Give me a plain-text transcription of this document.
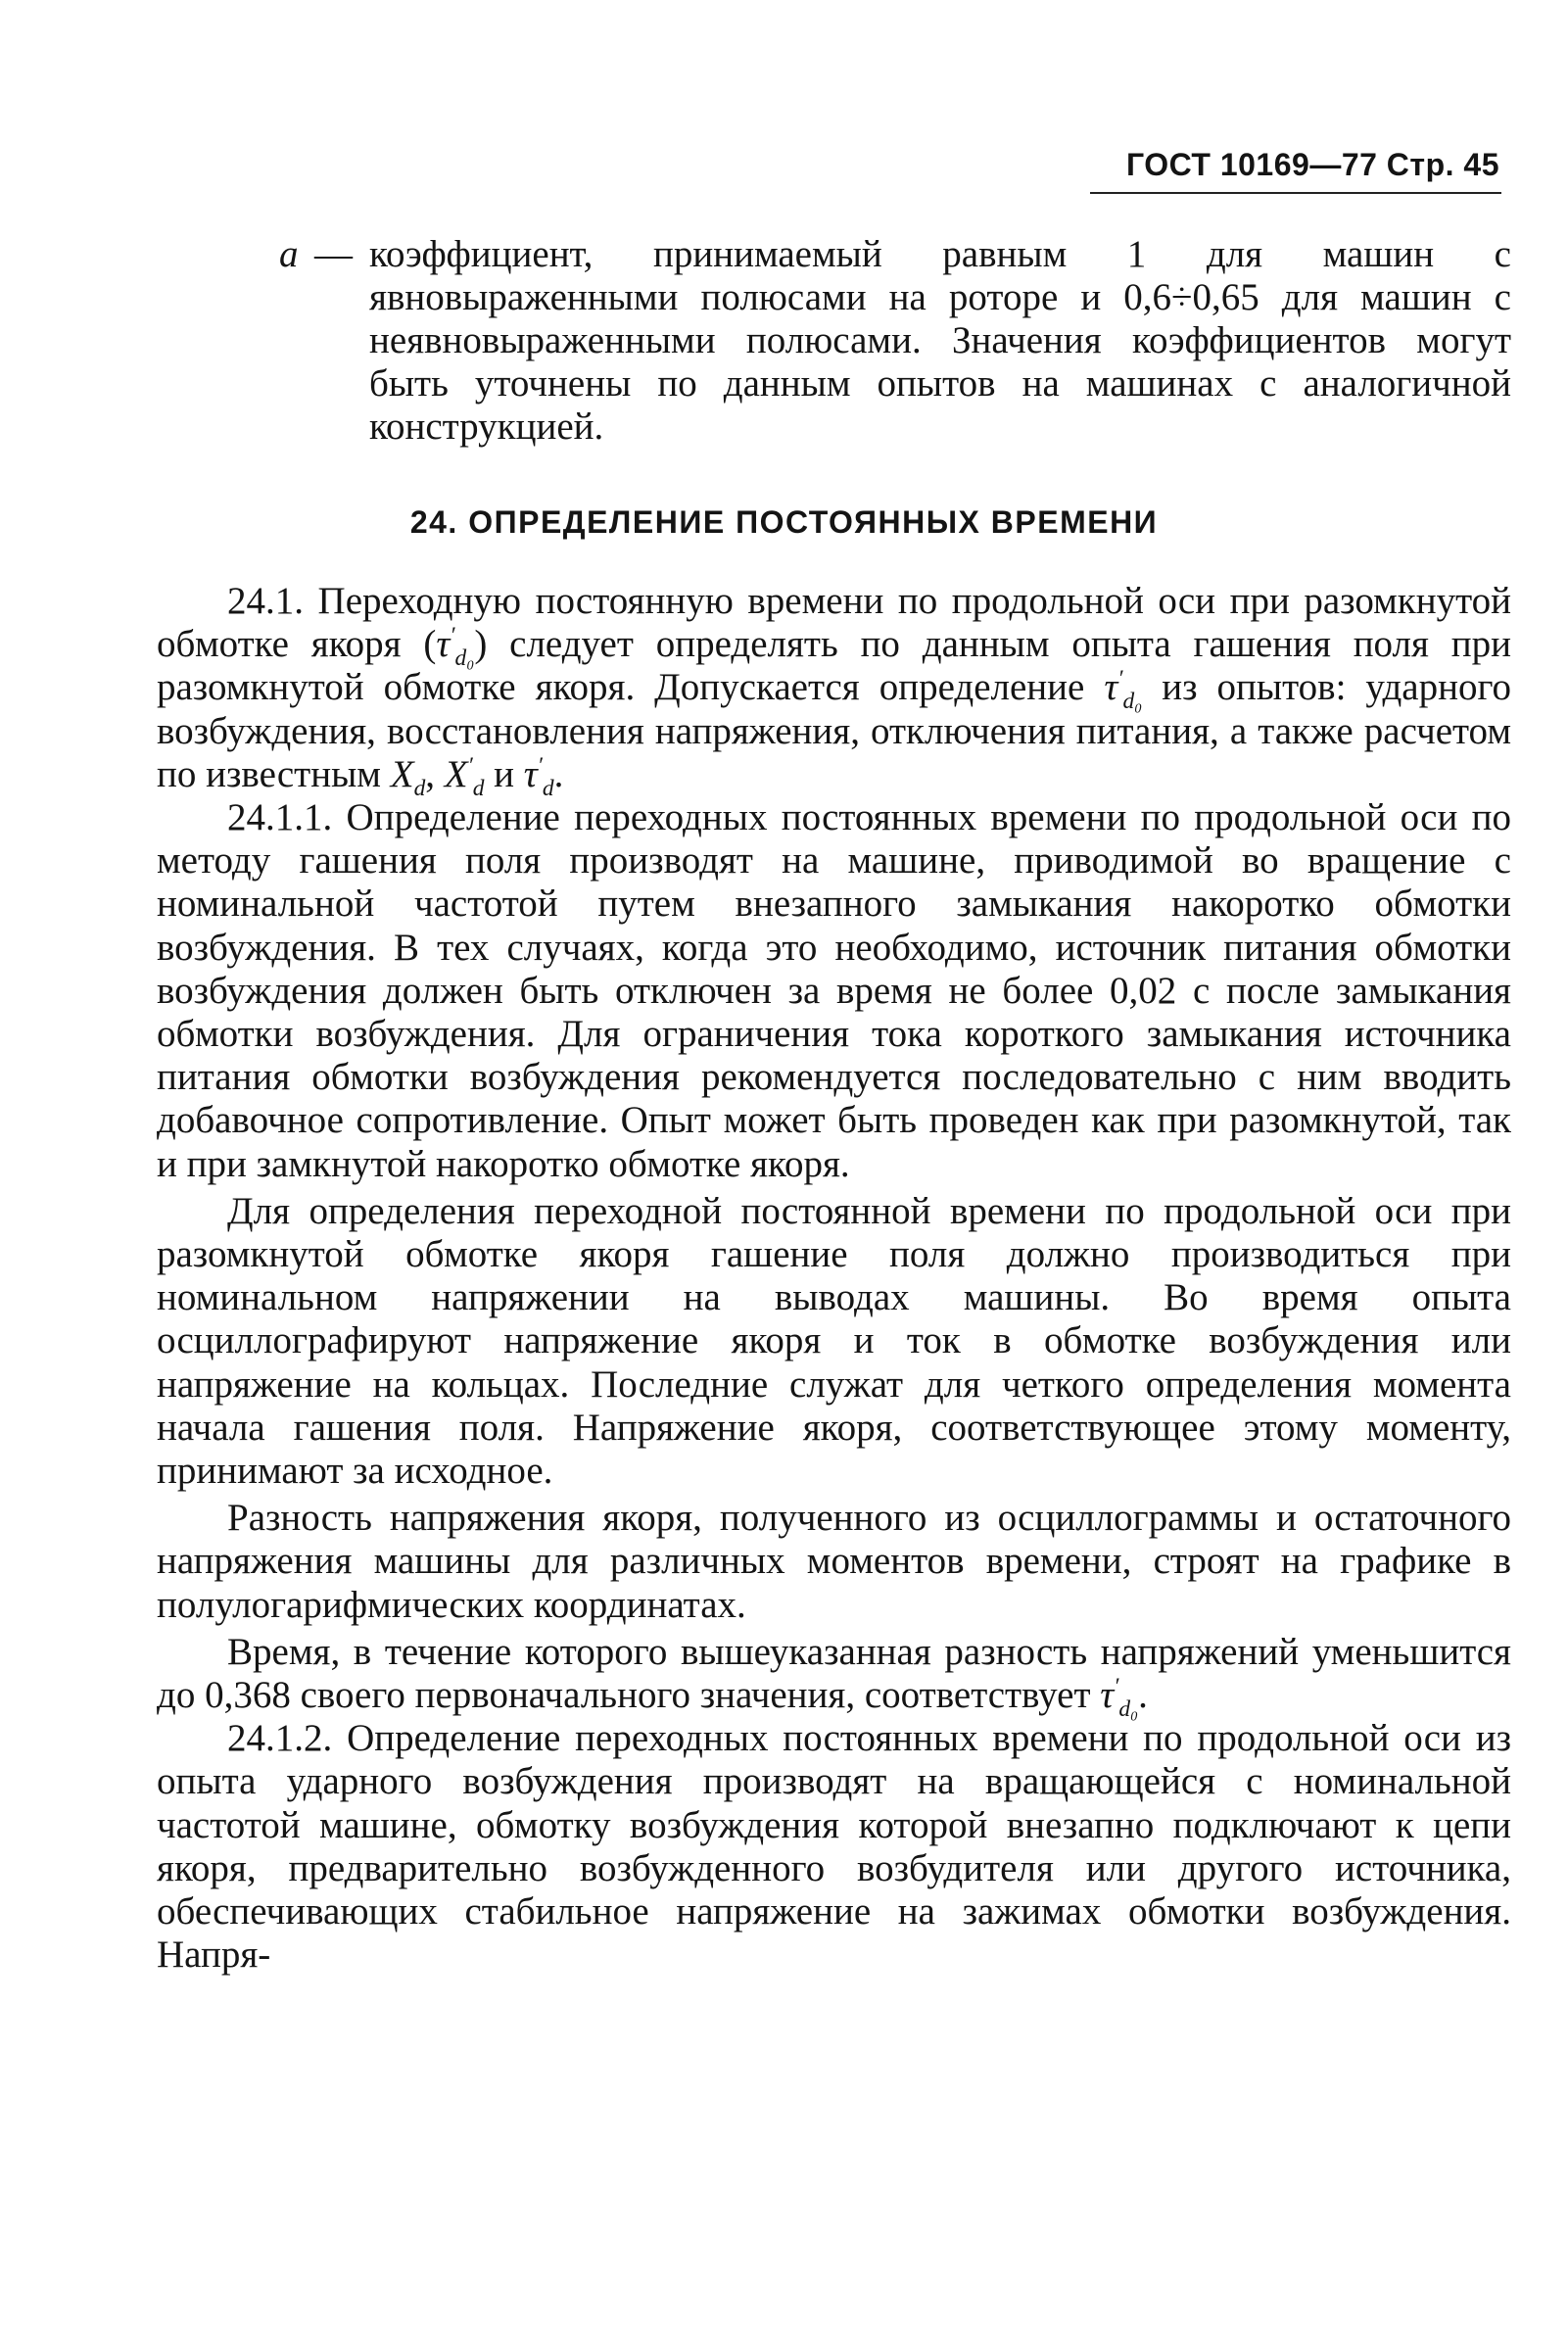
ГОСТ 10169—77 Стр. 45
a — коэффициент, принимаемый равным 1 для машин с явновыраженными полюсами на роторе и 0,6÷0,65 для машин с неявновыраженными полюсами. Значения коэффициентов могут быть уточнены по данным опытов на машинах с аналогичной конструкцией.
24. ОПРЕДЕЛЕНИЕ ПОСТОЯННЫХ ВРЕМЕНИ

24.1. Переходную постоянную времени по продольной оси при разомкнутой обмотке якоря $(\tau'_{d_0})$ следует определять по данным опыта гашения поля при разомкнутой обмотке якоря. Допускается определение $\tau'_{d_0}$ из опытов: ударного возбуждения, восстановления напряжения, отключения питания, а также расчетом по известным $X_d$, $X'_d$ и $\tau'_d$.

24.1.1. Определение переходных постоянных времени по продольной оси по методу гашения поля производят на машине, приводимой во вращение с номинальной частотой путем внезапного замыкания накоротко обмотки возбуждения. В тех случаях, когда это необходимо, источник питания обмотки возбуждения должен быть отключен за время не более 0,02 с после замыкания обмотки возбуждения. Для ограничения тока короткого замыкания источника питания обмотки возбуждения рекомендуется последовательно с ним вводить добавочное сопротивление. Опыт может быть проведен как при разомкнутой, так и при замкнутой накоротко обмотке якоря.

Для определения переходной постоянной времени по продольной оси при разомкнутой обмотке якоря гашение поля должно производиться при номинальном напряжении на выводах машины. Во время опыта осциллографируют напряжение якоря и ток в обмотке возбуждения или напряжение на кольцах. Последние служат для четкого определения момента начала гашения поля. Напряжение якоря, соответствующее этому моменту, принимают за исходное.

Разность напряжения якоря, полученного из осциллограммы и остаточного напряжения машины для различных моментов времени, строят на графике в полулогарифмических координатах.

Время, в течение которого вышеуказанная разность напряжений уменьшится до 0,368 своего первоначального значения, соответствует $\tau'_{d_0}$.

24.1.2. Определение переходных постоянных времени по продольной оси из опыта ударного возбуждения производят на вращающейся с номинальной частотой машине, обмотку возбуждения которой внезапно подключают к цепи якоря, предварительно возбужденного возбудителя или другого источника, обеспечивающих стабильное напряжение на зажимах обмотки возбуждения. Напря-
